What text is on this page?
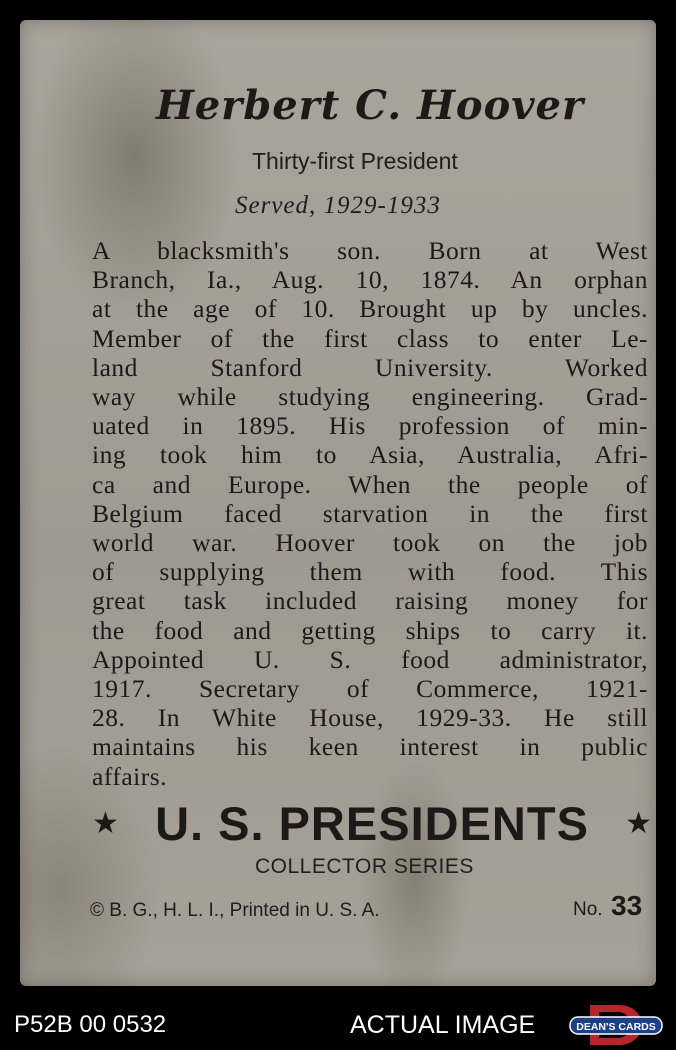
Herbert C. Hoover
Thirty-first President
Served, 1929-1933
A blacksmith's son. Born at West
Branch, Ia., Aug. 10, 1874. An orphan
at the age of 10. Brought up by uncles.
Member of the first class to enter Le-
land Stanford University. Worked
way while studying engineering. Grad-
uated in 1895. His profession of min-
ing took him to Asia, Australia, Afri-
ca and Europe. When the people of
Belgium faced starvation in the first
world war. Hoover took on the job
of supplying them with food. This
great task included raising money for
the food and getting ships to carry it.
Appointed U. S. food administrator,
1917. Secretary of Commerce, 1921-
28. In White House, 1929-33. He still
maintains his keen interest in public
affairs.
★ U. S. PRESIDENTS ★
COLLECTOR SERIES
© B. G., H. L. I., Printed in U. S. A.	No. 33
P52B 00 0532	ACTUAL IMAGE	DEAN'S CARDS
